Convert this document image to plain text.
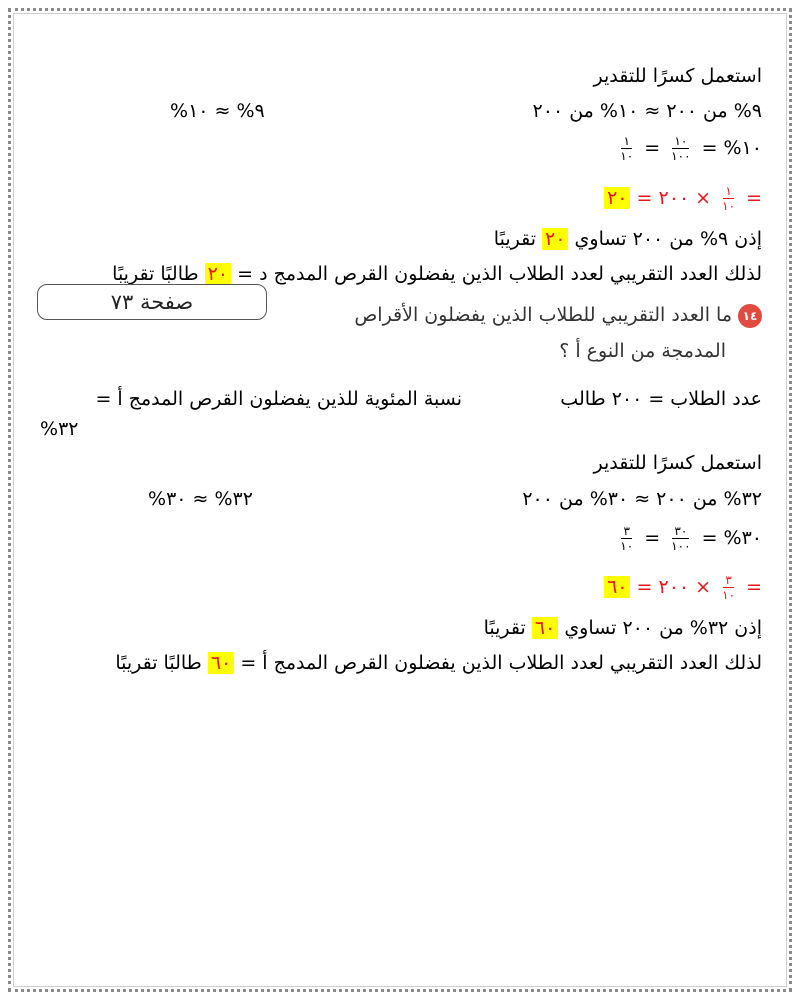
استعمل كسرًا للتقدير
٩% من ٢٠٠ ≈ ١٠% من ٢٠٠
٩% ≈ ١٠%
١٠% =
$\frac{١٠}{١٠٠}$
=
$\frac{١}{١٠}$
=
$\frac{١}{١٠}$
× ٢٠٠ = ٢٠
إذن ٩% من ٢٠٠ تساوي ٢٠ تقريبًا
لذلك العدد التقريبي لعدد الطلاب الذين يفضلون القرص المدمج د = ٢٠ طالبًا تقريبًا
١٤ما العدد التقريبي للطلاب الذين يفضلون الأقراص
المدمجة من النوع أ ؟
صفحة ٧٣
عدد الطلاب = ٢٠٠ طالب
نسبة المئوية للذين يفضلون القرص المدمج أ =
٣٢%
استعمل كسرًا للتقدير
٣٢% من ٢٠٠ ≈ ٣٠% من ٢٠٠
٣٢% ≈ ٣٠%
٣٠% =
$\frac{٣٠}{١٠٠}$
=
$\frac{٣}{١٠}$
=
$\frac{٣}{١٠}$
× ٢٠٠ = ٦٠
إذن ٣٢% من ٢٠٠ تساوي ٦٠ تقريبًا
لذلك العدد التقريبي لعدد الطلاب الذين يفضلون القرص المدمج أ = ٦٠ طالبًا تقريبًا
